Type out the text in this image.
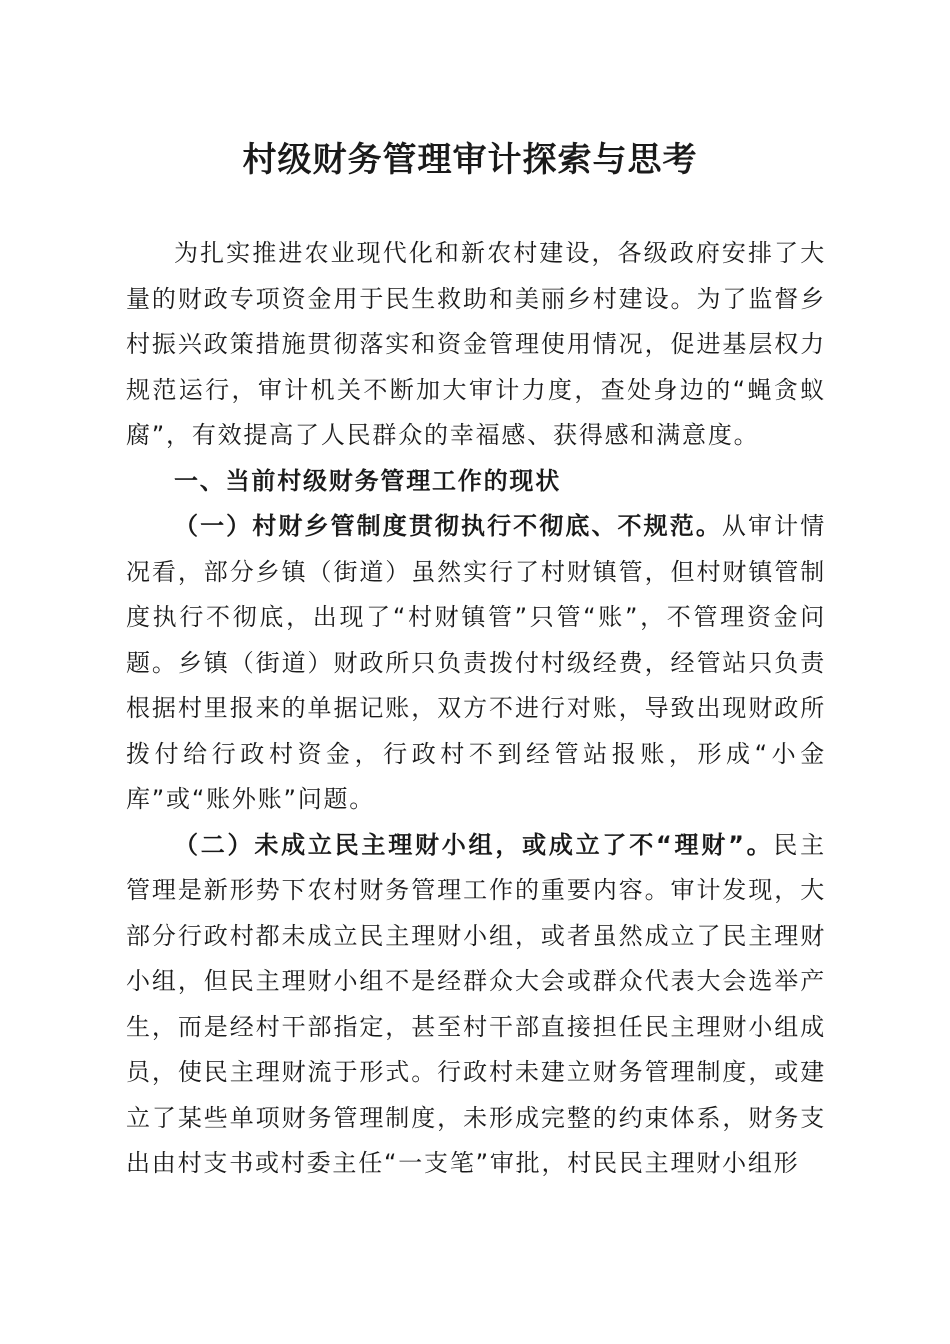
村级财务管理审计探索与思考

为扎实推进农业现代化和新农村建设，各级政府安排了大量的财政专项资金用于民生救助和美丽乡村建设。为了监督乡村振兴政策措施贯彻落实和资金管理使用情况，促进基层权力规范运行，审计机关不断加大审计力度，查处身边的“蝇贪蚁腐”，有效提高了人民群众的幸福感、获得感和满意度。

一、当前村级财务管理工作的现状

（一）村财乡管制度贯彻执行不彻底、不规范。从审计情况看，部分乡镇（街道）虽然实行了村财镇管，但村财镇管制度执行不彻底，出现了“村财镇管”只管“账”，不管理资金问题。乡镇（街道）财政所只负责拨付村级经费，经管站只负责根据村里报来的单据记账，双方不进行对账，导致出现财政所拨付给行政村资金，行政村不到经管站报账，形成“小金库”或“账外账”问题。

（二）未成立民主理财小组，或成立了不“理财”。民主管理是新形势下农村财务管理工作的重要内容。审计发现，大部分行政村都未成立民主理财小组，或者虽然成立了民主理财小组，但民主理财小组不是经群众大会或群众代表大会选举产生，而是经村干部指定，甚至村干部直接担任民主理财小组成员，使民主理财流于形式。行政村未建立财务管理制度，或建立了某些单项财务管理制度，未形成完整的约束体系，财务支出由村支书或村委主任“一支笔”审批，村民民主理财小组形
